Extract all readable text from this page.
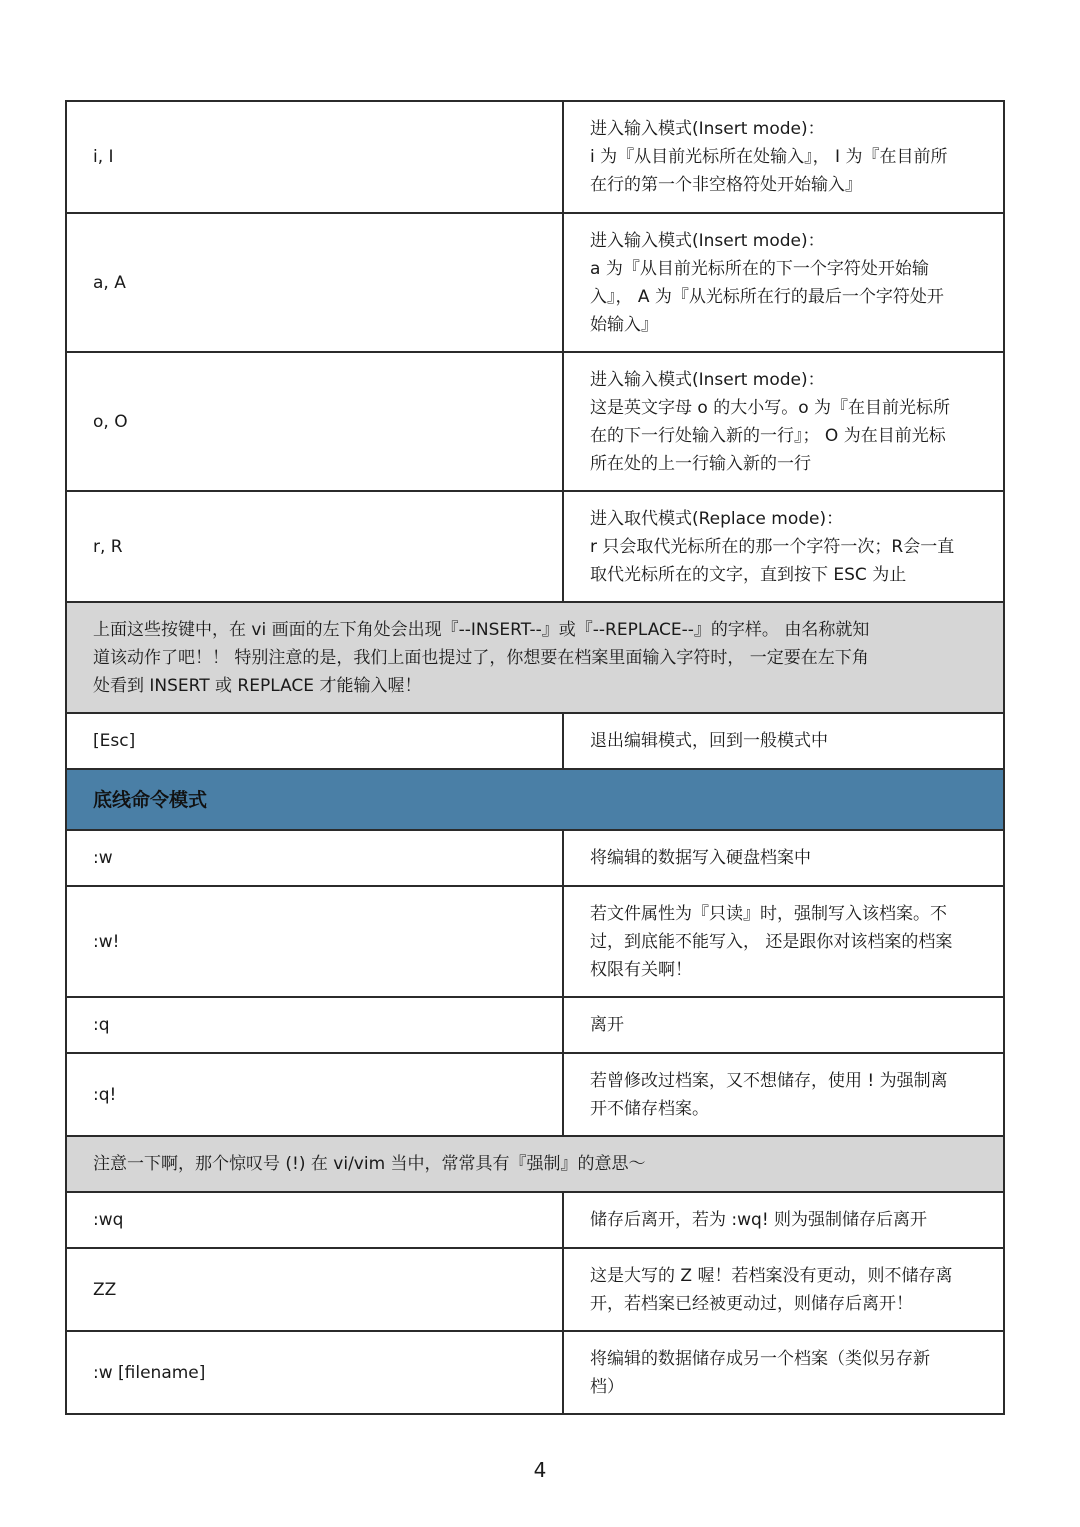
i, I	进入输入模式(Insert mode)：
i 为『从目前光标所在处输入』， I 为『在目前所
在行的第一个非空格符处开始输入』

a, A	进入输入模式(Insert mode)：
a 为『从目前光标所在的下一个字符处开始输
入』， A 为『从光标所在行的最后一个字符处开
始输入』

o, O	进入输入模式(Insert mode)：
这是英文字母 o 的大小写。o 为『在目前光标所
在的下一行处输入新的一行』； O 为在目前光标
所在处的上一行输入新的一行

r, R	进入取代模式(Replace mode)：
r 只会取代光标所在的那一个字符一次；R会一直
取代光标所在的文字，直到按下 ESC 为止

上面这些按键中，在 vi 画面的左下角处会出现『--INSERT--』或『--REPLACE--』的字样。 由名称就知
道该动作了吧！！ 特别注意的是，我们上面也提过了，你想要在档案里面输入字符时， 一定要在左下角
处看到 INSERT 或 REPLACE 才能输入喔！	

[Esc]	退出编辑模式，回到一般模式中

底线命令模式	
:w	将编辑的数据写入硬盘档案中

:w!	若文件属性为『只读』时，强制写入该档案。不
过，到底能不能写入， 还是跟你对该档案的档案
权限有关啊！

:q	离开

:q!	若曾修改过档案，又不想储存，使用 ! 为强制离
开不储存档案。

注意一下啊，那个惊叹号 (!) 在 vi/vim 当中，常常具有『强制』的意思～	

:wq	储存后离开，若为 :wq! 则为强制储存后离开

ZZ	这是大写的 Z 喔！若档案没有更动，则不储存离
开，若档案已经被更动过，则储存后离开！

:w [filename]	将编辑的数据储存成另一个档案（类似另存新
档）
4
